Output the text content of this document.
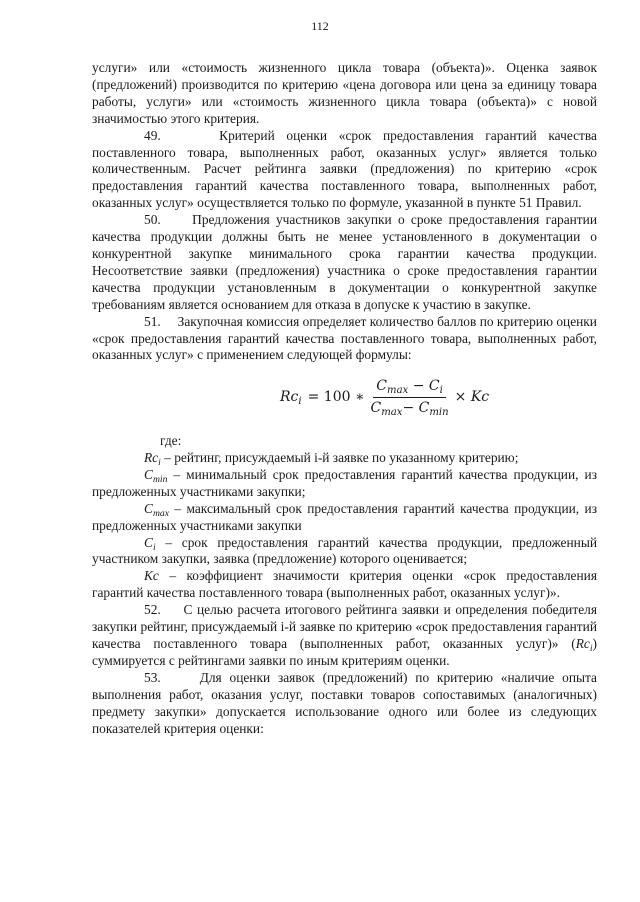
112

услуги» или «стоимость жизненного цикла товара (объекта)». Оценка заявок (предложений) производится по критерию «цена договора или цена за единицу товара работы, услуги» или «стоимость жизненного цикла товара (объекта)» с новой значимостью этого критерия.

49.	Критерий оценки «срок предоставления гарантий качества поставленного товара, выполненных работ, оказанных услуг» является только количественным. Расчет рейтинга заявки (предложения) по критерию «срок предоставления гарантий качества поставленного товара, выполненных работ, оказанных услуг» осуществляется только по формуле, указанной в пункте 51 Правил.

50. Предложения участников закупки о сроке предоставления гарантии качества продукции должны быть не менее установленного в документации о конкурентной закупке минимального срока гарантии качества продукции. Несоответствие заявки (предложения) участника о сроке предоставления гарантии качества продукции установленным в документации о конкурентной закупке требованиям является основанием для отказа в допуске к участию в закупке.

51. Закупочная комиссия определяет количество баллов по критерию оценки «срок предоставления гарантий качества поставленного товара, выполненных работ, оказанных услуг» с применением следующей формулы:

$Rc_i = 100$ ∗ $\frac{C_{max} - C_i}{C_{max}- C_{min}} \times Kc$

где:

$Rc_i$ – рейтинг, присуждаемый i-й заявке по указанному критерию;

$C_{min}$ – минимальный срок предоставления гарантий качества продукции, из предложенных участниками закупки;

$C_{max}$ – максимальный срок предоставления гарантий качества продукции, из предложенных участниками закупки

$C_i$ – срок предоставления гарантий качества продукции, предложенный участником закупки, заявка (предложение) которого оценивается;

Kc – коэффициент значимости критерия оценки «срок предоставления гарантий качества поставленного товара (выполненных работ, оказанных услуг)».

52. С целью расчета итогового рейтинга заявки и определения победителя закупки рейтинг, присуждаемый i-й заявке по критерию «срок предоставления гарантий качества поставленного товара (выполненных работ, оказанных услуг)» $(Rc_i)$ суммируется с рейтингами заявки по иным критериям оценки.

53.	Для оценки заявок (предложений) по критерию «наличие опыта выполнения работ, оказания услуг, поставки товаров сопоставимых (аналогичных) предмету закупки» допускается использование одного или более из следующих показателей критерия оценки:
